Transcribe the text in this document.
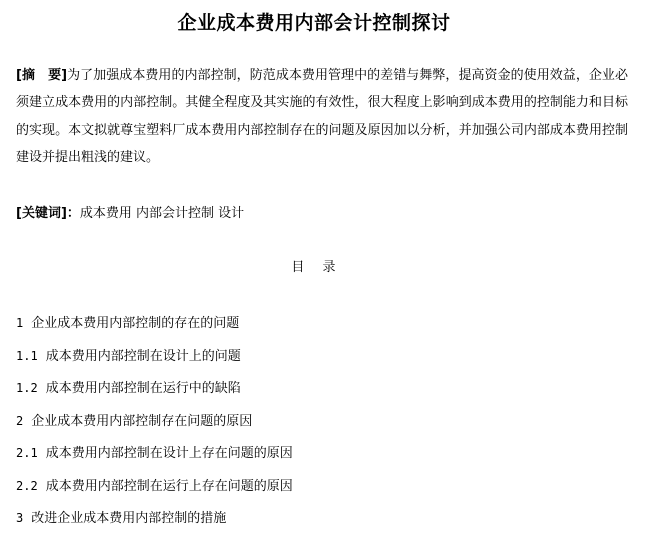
企业成本费用内部会计控制探讨
[摘　要]为了加强成本费用的内部控制，防范成本费用管理中的差错与舞弊，提高资金的使用效益，企业必须建立成本费用的内部控制。其健全程度及其实施的有效性，很大程度上影响到成本费用的控制能力和目标的实现。本文拟就尊宝塑料厂成本费用内部控制存在的问题及原因加以分析，并加强公司内部成本费用控制建设并提出粗浅的建议。
[关键词]：成本费用 内部会计控制 设计
目 录
1 企业成本费用内部控制的存在的问题
1.1 成本费用内部控制在设计上的问题
1.2 成本费用内部控制在运行中的缺陷
2 企业成本费用内部控制存在问题的原因
2.1 成本费用内部控制在设计上存在问题的原因
2.2 成本费用内部控制在运行上存在问题的原因
3 改进企业成本费用内部控制的措施
